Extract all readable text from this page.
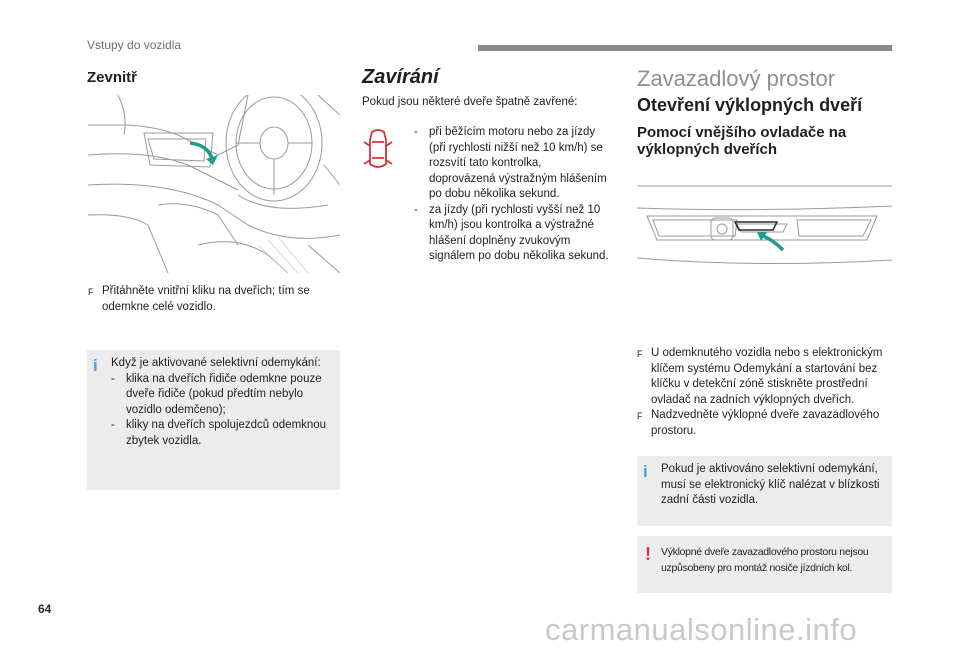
Vstupy do vozidla
Zevnitř
F Přitáhněte vnitřní kliku na dveřích; tím se odemkne celé vozidlo.
i Když je aktivované selektivní odemykání:
- klika na dveřích řidiče odemkne pouze dveře řidiče (pokud předtím nebylo vozidlo odemčeno);
- kliky na dveřích spolujezdců odemknou zbytek vozidla.
Zavírání
Pokud jsou některé dveře špatně zavřené:
- při běžícím motoru nebo za jízdy (při rychlosti nižší než 10 km/h) se rozsvítí tato kontrolka, doprovázená výstražným hlášením po dobu několika sekund.
- za jízdy (při rychlosti vyšší než 10 km/h) jsou kontrolka a výstražné hlášení doplněny zvukovým signálem po dobu několika sekund.
Zavazadlový prostor
Otevření výklopných dveří
Pomocí vnějšího ovladače na výklopných dveřích
F U odemknutého vozidla nebo s elektronickým klíčem systému Odemykání a startování bez klíčku v detekční zóně stiskněte prostřední ovladač na zadních výklopných dveřích.
F Nadzvedněte výklopné dveře zavazadlového prostoru.
i Pokud je aktivováno selektivní odemykání, musí se elektronický klíč nalézat v blízkosti zadní části vozidla.
! Výklopné dveře zavazadlového prostoru nejsou uzpůsobeny pro montáž nosiče jízdních kol.
64
carmanualsonline.info
